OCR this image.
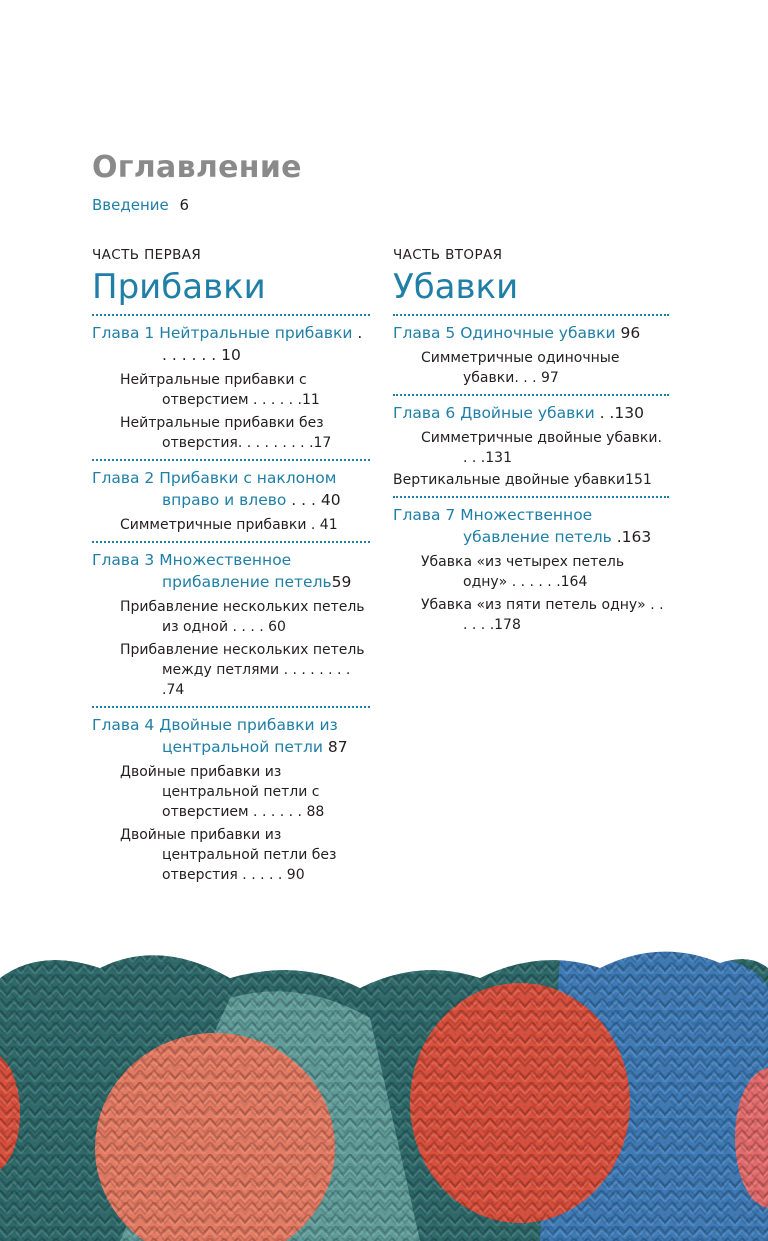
Оглавление
Введение 6
ЧАСТЬ ПЕРВАЯ
Прибавки
Глава 1 Нейтральные прибавки . . . . . . . 10
Нейтральные прибавки с отверстием . . . . . .11
Нейтральные прибавки без отверстия. . . . . . . . .17
Глава 2 Прибавки с наклоном вправо и влево . . . 40
Симметричные прибавки . 41
Глава 3 Множественное прибавление петель59
Прибавление нескольких петель из одной . . . . 60
Прибавление нескольких петель между петлями . . . . . . . . .74
Глава 4 Двойные прибавки из центральной петли 87
Двойные прибавки из центральной петли с отверстием . . . . . . 88
Двойные прибавки из центральной петли без отверстия . . . . . 90
ЧАСТЬ ВТОРАЯ
Убавки
Глава 5 Одиночные убавки 96
Симметричные одиночные убавки. . . 97
Глава 6 Двойные убавки . .130
Симметричные двойные убавки. . . .131
Вертикальные двойные убавки151
Глава 7 Множественное убавление петель .163
Убавка «из четырех петель одну» . . . . . .164
Убавка «из пяти петель одну» . . . . . .178
